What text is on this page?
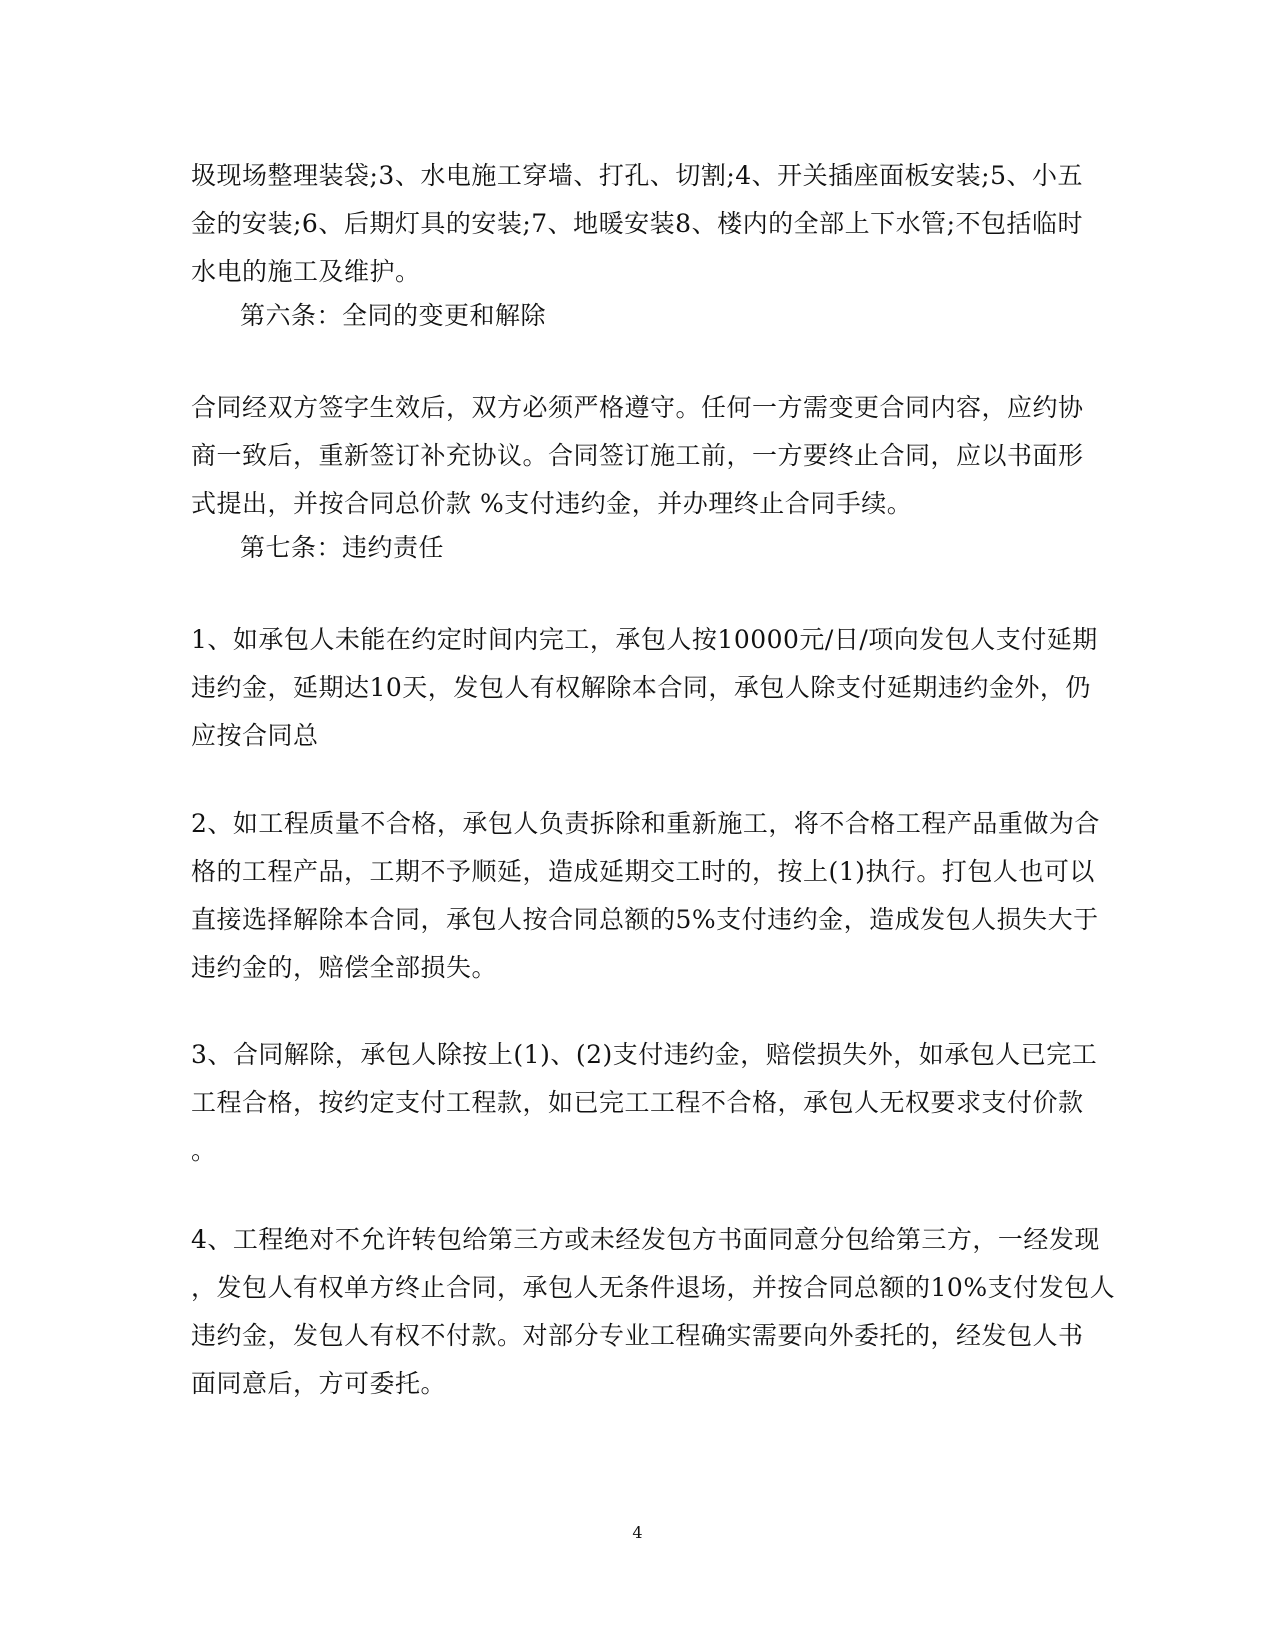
圾现场整理装袋;3、水电施工穿墙、打孔、切割;4、开关插座面板安装;5、小五
金的安装;6、后期灯具的安装;7、地暖安装8、楼内的全部上下水管;不包括临时
水电的施工及维护。
第六条：全同的变更和解除
合同经双方签字生效后，双方必须严格遵守。任何一方需变更合同内容，应约协
商一致后，重新签订补充协议。合同签订施工前，一方要终止合同，应以书面形
式提出，并按合同总价款 %支付违约金，并办理终止合同手续。
第七条：违约责任
1、如承包人未能在约定时间内完工，承包人按10000元/日/项向发包人支付延期
违约金，延期达10天，发包人有权解除本合同，承包人除支付延期违约金外，仍
应按合同总
2、如工程质量不合格，承包人负责拆除和重新施工，将不合格工程产品重做为合
格的工程产品，工期不予顺延，造成延期交工时的，按上(1)执行。打包人也可以
直接选择解除本合同，承包人按合同总额的5%支付违约金，造成发包人损失大于
违约金的，赔偿全部损失。
3、合同解除，承包人除按上(1)、(2)支付违约金，赔偿损失外，如承包人已完工
工程合格，按约定支付工程款，如已完工工程不合格，承包人无权要求支付价款
。
4、工程绝对不允许转包给第三方或未经发包方书面同意分包给第三方，一经发现
，发包人有权单方终止合同，承包人无条件退场，并按合同总额的10%支付发包人
违约金，发包人有权不付款。对部分专业工程确实需要向外委托的，经发包人书
面同意后，方可委托。
4
